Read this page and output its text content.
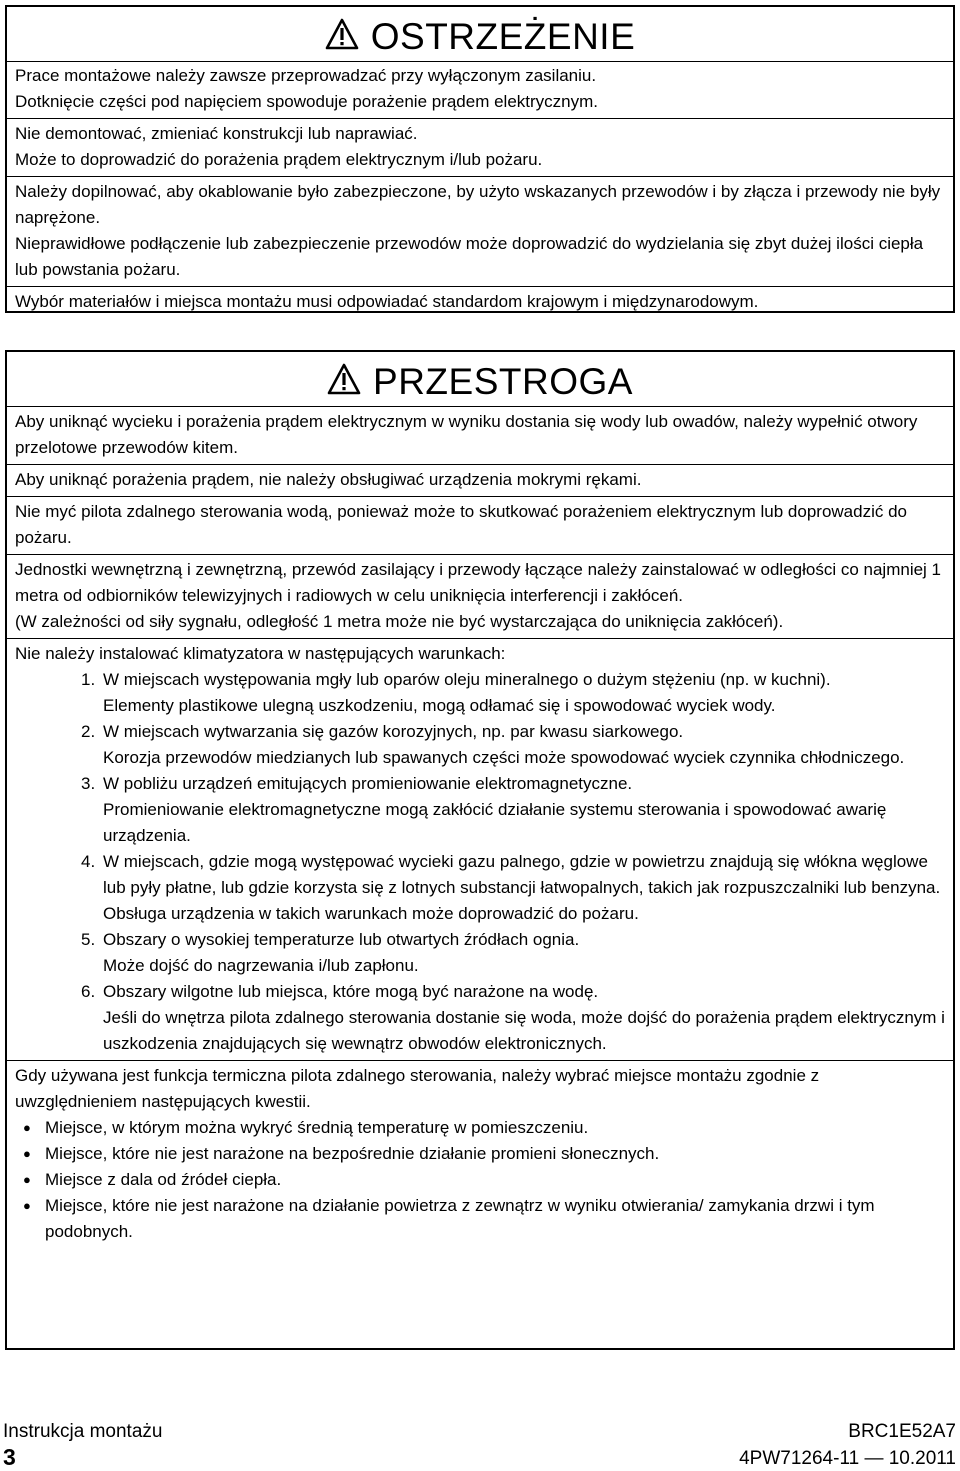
OSTRZEŻENIE

Prace montażowe należy zawsze przeprowadzać przy wyłączonym zasilaniu.

Dotknięcie części pod napięciem spowoduje porażenie prądem elektrycznym.

Nie demontować, zmieniać konstrukcji lub naprawiać.

Może to doprowadzić do porażenia prądem elektrycznym i/lub pożaru.

Należy dopilnować, aby okablowanie było zabezpieczone, by użyto wskazanych przewodów i by złącza i przewody nie były naprężone.

Nieprawidłowe podłączenie lub zabezpieczenie przewodów może doprowadzić do wydzielania się zbyt dużej ilości ciepła lub powstania pożaru.

Wybór materiałów i miejsca montażu musi odpowiadać standardom krajowym i międzynarodowym.

PRZESTROGA

Aby uniknąć wycieku i porażenia prądem elektrycznym w wyniku dostania się wody lub owadów, należy wypełnić otwory przelotowe przewodów kitem.

Aby uniknąć porażenia prądem, nie należy obsługiwać urządzenia mokrymi rękami.

Nie myć pilota zdalnego sterowania wodą, ponieważ może to skutkować porażeniem elektrycznym lub doprowadzić do pożaru.

Jednostki wewnętrzną i zewnętrzną, przewód zasilający i przewody łączące należy zainstalować w odległości co najmniej 1 metra od odbiorników telewizyjnych i radiowych w celu uniknięcia interferencji i zakłóceń.

(W zależności od siły sygnału, odległość 1 metra może nie być wystarczająca do uniknięcia zakłóceń).

Nie należy instalować klimatyzatora w następujących warunkach:

1. W miejscach występowania mgły lub oparów oleju mineralnego o dużym stężeniu (np. w kuchni).
Elementy plastikowe ulegną uszkodzeniu, mogą odłamać się i spowodować wyciek wody.
2. W miejscach wytwarzania się gazów korozyjnych, np. par kwasu siarkowego.
Korozja przewodów miedzianych lub spawanych części może spowodować wyciek czynnika chłodniczego.
3. W pobliżu urządzeń emitujących promieniowanie elektromagnetyczne.
Promieniowanie elektromagnetyczne mogą zakłócić działanie systemu sterowania i spowodować awarię urządzenia.
4. W miejscach, gdzie mogą występować wycieki gazu palnego, gdzie w powietrzu znajdują się włókna węglowe lub pyły płatne, lub gdzie korzysta się z lotnych substancji łatwopalnych, takich jak rozpuszczalniki lub benzyna.
Obsługa urządzenia w takich warunkach może doprowadzić do pożaru.
5. Obszary o wysokiej temperaturze lub otwartych źródłach ognia.
Może dojść do nagrzewania i/lub zapłonu.
6. Obszary wilgotne lub miejsca, które mogą być narażone na wodę.
Jeśli do wnętrza pilota zdalnego sterowania dostanie się woda, może dojść do porażenia prądem elektrycznym i uszkodzenia znajdujących się wewnątrz obwodów elektronicznych.

Gdy używana jest funkcja termiczna pilota zdalnego sterowania, należy wybrać miejsce montażu zgodnie z uwzględnieniem następujących kwestii.

● Miejsce, w którym można wykryć średnią temperaturę w pomieszczeniu.
● Miejsce, które nie jest narażone na bezpośrednie działanie promieni słonecznych.
● Miejsce z dala od źródeł ciepła.
● Miejsce, które nie jest narażone na działanie powietrza z zewnątrz w wyniku otwierania/ zamykania drzwi i tym podobnych.
Instrukcja montażu
3
BRC1E52A7
4PW71264-11 — 10.2011
